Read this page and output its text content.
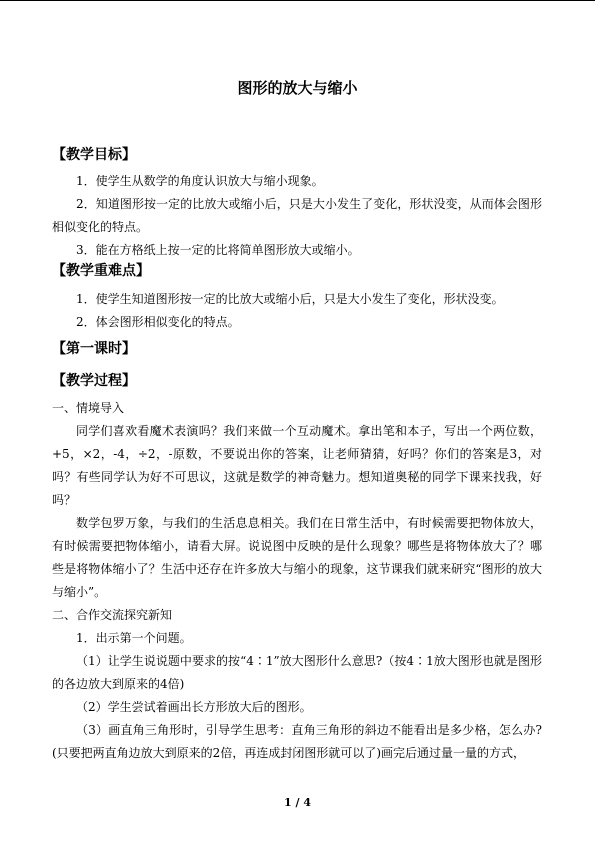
图形的放大与缩小
【教学目标】

1．使学生从数学的角度认识放大与缩小现象。

2．知道图形按一定的比放大或缩小后，只是大小发生了变化，形状没变，从而体会图形相似变化的特点。

3．能在方格纸上按一定的比将简单图形放大或缩小。

【教学重难点】

1．使学生知道图形按一定的比放大或缩小后，只是大小发生了变化，形状没变。

2．体会图形相似变化的特点。

【第一课时】
【教学过程】

一、情境导入

同学们喜欢看魔术表演吗？我们来做一个互动魔术。拿出笔和本子，写出一个两位数，+5，×2，-4，÷2，-原数，不要说出你的答案，让老师猜猜，好吗？你们的答案是3，对吗？有些同学认为好不可思议，这就是数学的神奇魅力。想知道奥秘的同学下课来找我，好吗？

数学包罗万象，与我们的生活息息相关。我们在日常生活中，有时候需要把物体放大，有时候需要把物体缩小，请看大屏。说说图中反映的是什么现象？哪些是将物体放大了？哪些是将物体缩小了？生活中还存在许多放大与缩小的现象，这节课我们就来研究“图形的放大与缩小”。

二、合作交流探究新知

1．出示第一个问题。

（1）让学生说说题中要求的按“4∶1”放大图形什么意思?（按4∶1放大图形也就是图形的各边放大到原来的4倍)

（2）学生尝试着画出长方形放大后的图形。

（3）画直角三角形时，引导学生思考：直角三角形的斜边不能看出是多少格，怎么办?(只要把两直角边放大到原来的2倍，再连成封闭图形就可以了)画完后通过量一量的方式，

1 / 4
